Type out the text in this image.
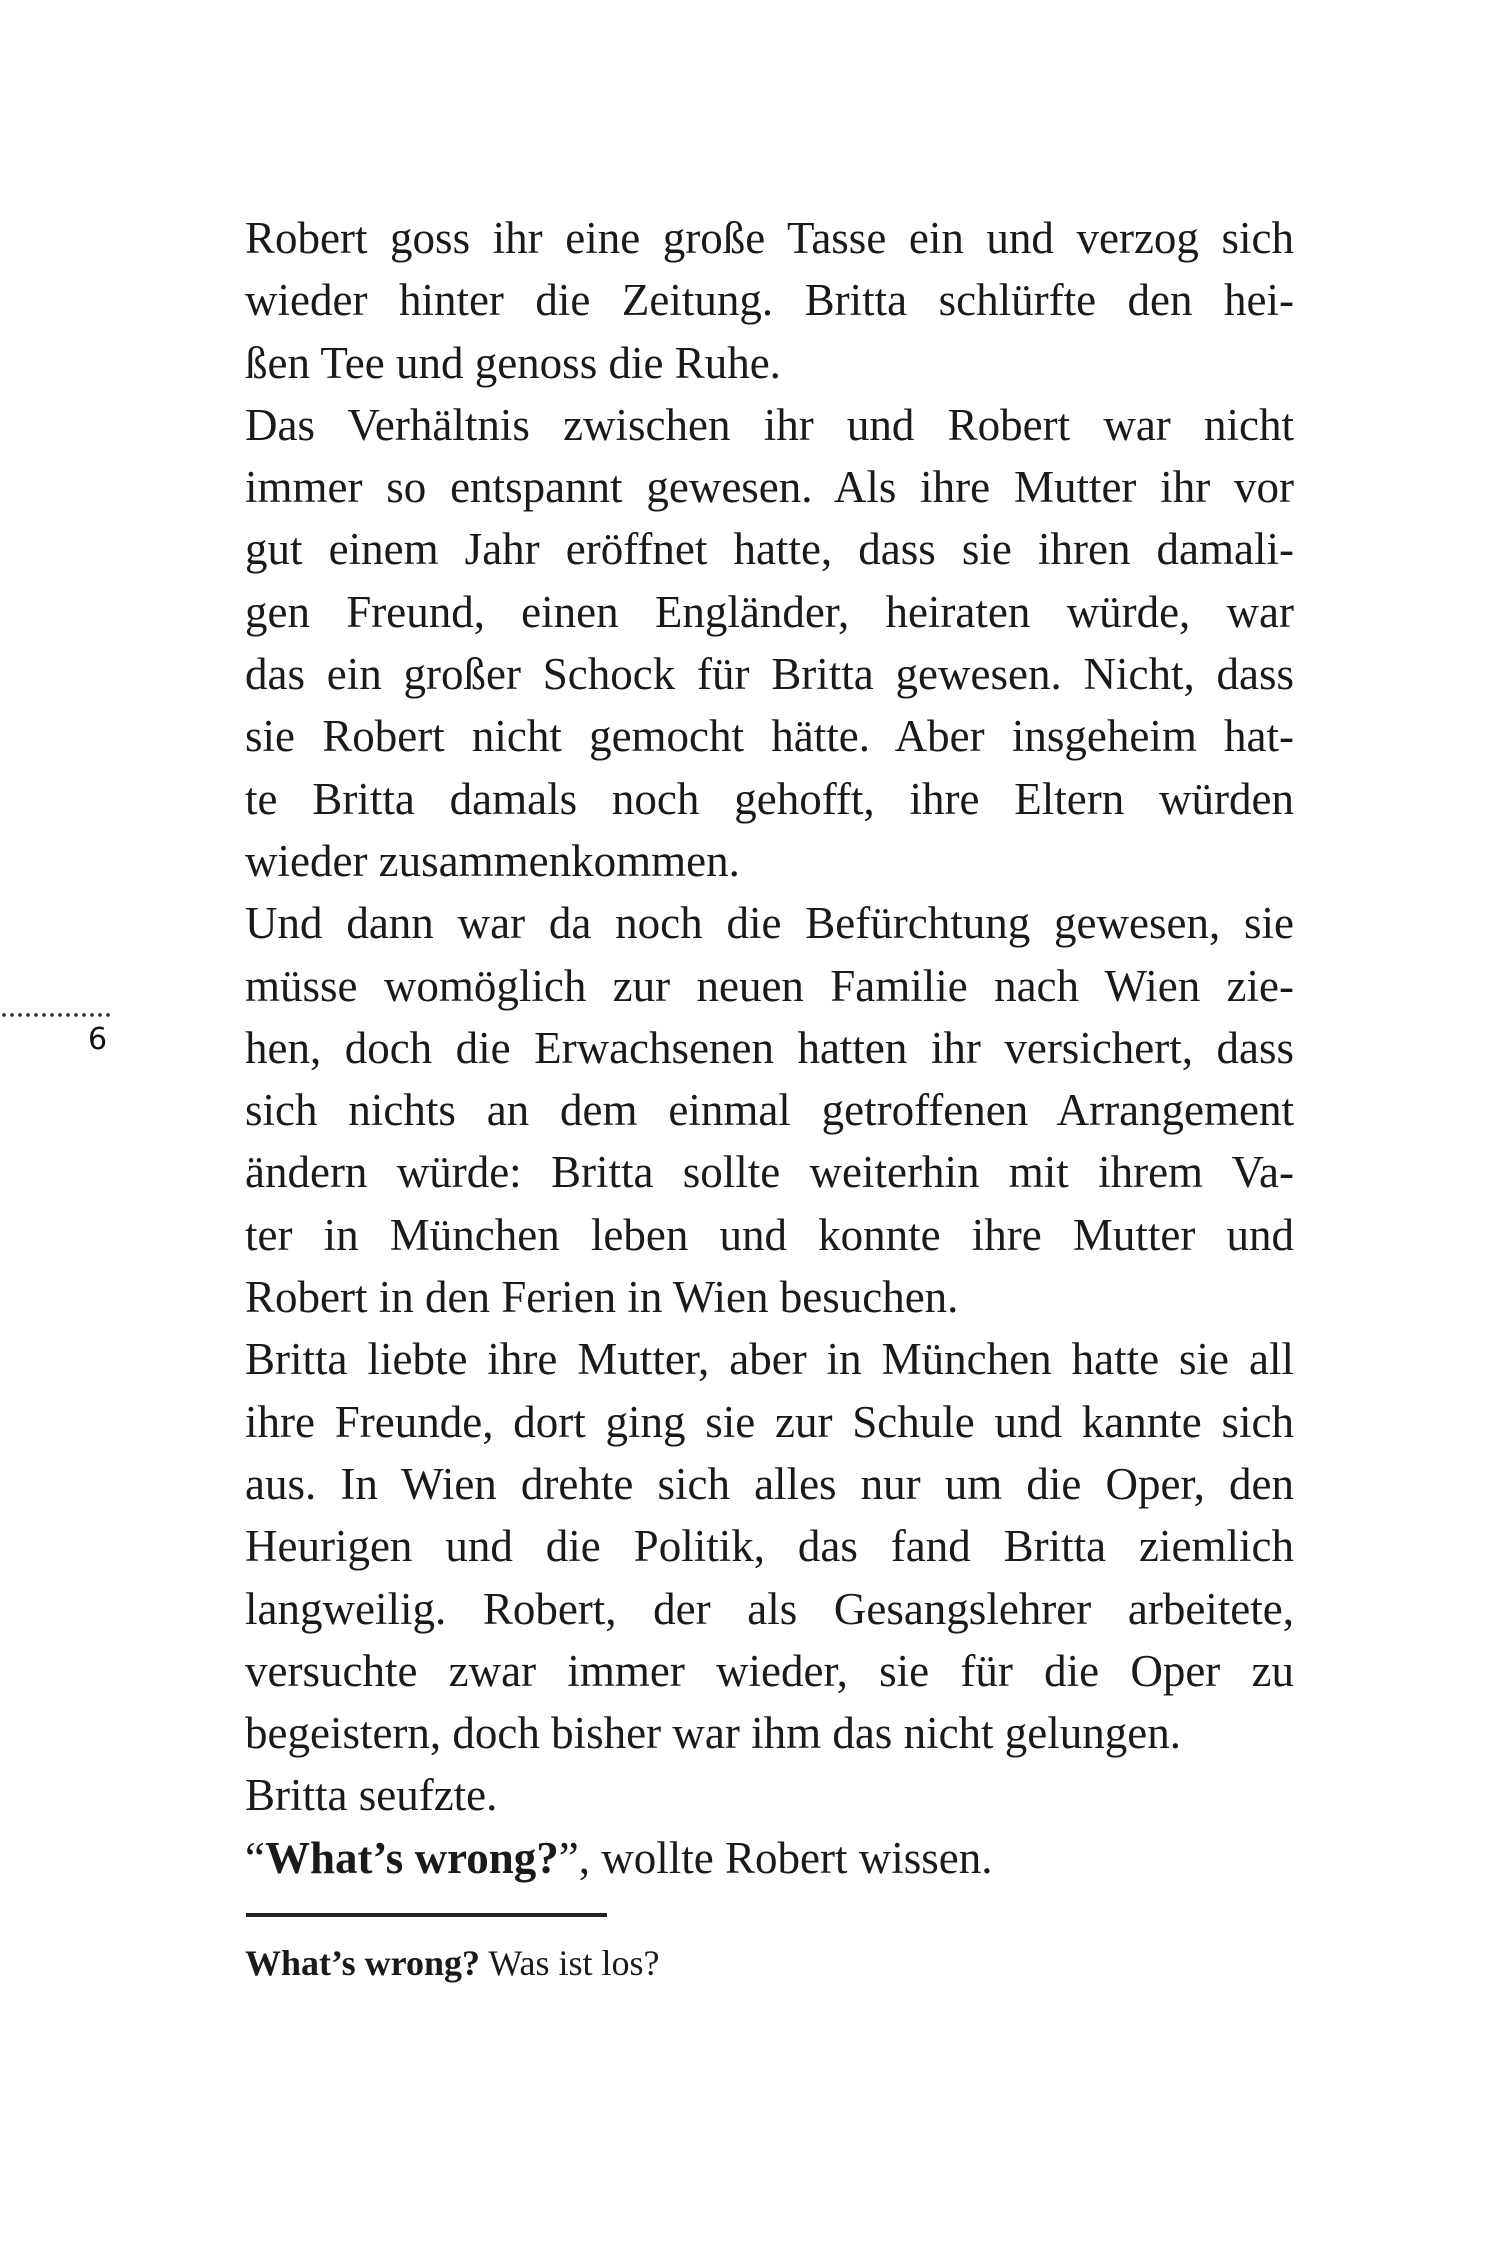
6
Robert goss ihr eine große Tasse ein und verzog sich
wieder hinter die Zeitung. Britta schlürfte den hei-
ßen Tee und genoss die Ruhe.
Das Verhältnis zwischen ihr und Robert war nicht
immer so entspannt gewesen. Als ihre Mutter ihr vor
gut einem Jahr eröffnet hatte, dass sie ihren damali-
gen Freund, einen Engländer, heiraten würde, war
das ein großer Schock für Britta gewesen. Nicht, dass
sie Robert nicht gemocht hätte. Aber insgeheim hat-
te Britta damals noch gehofft, ihre Eltern würden
wieder zusammenkommen.
Und dann war da noch die Befürchtung gewesen, sie
müsse womöglich zur neuen Familie nach Wien zie-
hen, doch die Erwachsenen hatten ihr versichert, dass
sich nichts an dem einmal getroffenen Arrangement
ändern würde: Britta sollte weiterhin mit ihrem Va-
ter in München leben und konnte ihre Mutter und
Robert in den Ferien in Wien besuchen.
Britta liebte ihre Mutter, aber in München hatte sie all
ihre Freunde, dort ging sie zur Schule und kannte sich
aus. In Wien drehte sich alles nur um die Oper, den
Heurigen und die Politik, das fand Britta ziemlich
langweilig. Robert, der als Gesangslehrer arbeitete,
versuchte zwar immer wieder, sie für die Oper zu
begeistern, doch bisher war ihm das nicht gelungen.
Britta seufzte.
“What’s wrong?”, wollte Robert wissen.
What’s wrong? Was ist los?
